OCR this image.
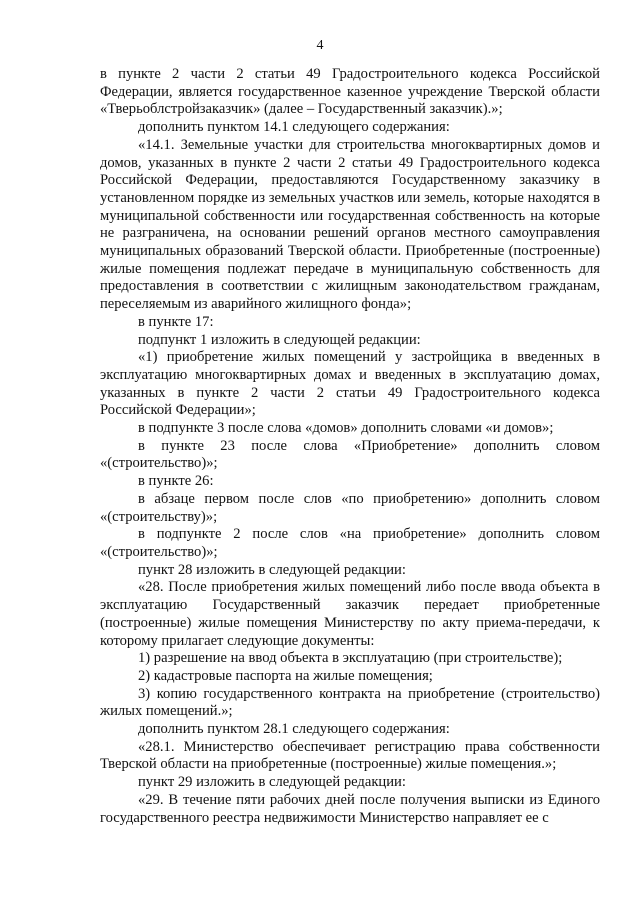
4

в пункте 2 части 2 статьи 49 Градостроительного кодекса Российской Федерации, является государственное казенное учреждение Тверской области «Тверьоблстройзаказчик» (далее – Государственный заказчик).»;

дополнить пунктом 14.1 следующего содержания:

«14.1. Земельные участки для строительства многоквартирных домов и домов, указанных в пункте 2 части 2 статьи 49 Градостроительного кодекса Российской Федерации, предоставляются Государственному заказчику в установленном порядке из земельных участков или земель, которые находятся в муниципальной собственности или государственная собственность на которые не разграничена, на основании решений органов местного самоуправления муниципальных образований Тверской области. Приобретенные (построенные) жилые помещения подлежат передаче в муниципальную собственность для предоставления в соответствии с жилищным законодательством гражданам, переселяемым из аварийного жилищного фонда»;

в пункте 17:

подпункт 1 изложить в следующей редакции:

«1) приобретение жилых помещений у застройщика в введенных в эксплуатацию многоквартирных домах и введенных в эксплуатацию домах, указанных в пункте 2 части 2 статьи 49 Градостроительного кодекса Российской Федерации»;

в подпункте 3 после слова «домов» дополнить словами «и домов»;

в пункте 23 после слова «Приобретение» дополнить словом «(строительство)»;

в пункте 26:

в абзаце первом после слов «по приобретению» дополнить словом «(строительству)»;

в подпункте 2 после слов «на приобретение» дополнить словом «(строительство)»;

пункт 28 изложить в следующей редакции:

«28. После приобретения жилых помещений либо после ввода объекта в эксплуатацию Государственный заказчик передает приобретенные (построенные) жилые помещения Министерству по акту приема-передачи, к которому прилагает следующие документы:

1) разрешение на ввод объекта в эксплуатацию (при строительстве);

2) кадастровые паспорта на жилые помещения;

3) копию государственного контракта на приобретение (строительство) жилых помещений.»;

дополнить пунктом 28.1 следующего содержания:

«28.1. Министерство обеспечивает регистрацию права собственности Тверской области на приобретенные (построенные) жилые помещения.»;

пункт 29 изложить в следующей редакции:

«29. В течение пяти рабочих дней после получения выписки из Единого государственного реестра недвижимости Министерство направляет ее с
